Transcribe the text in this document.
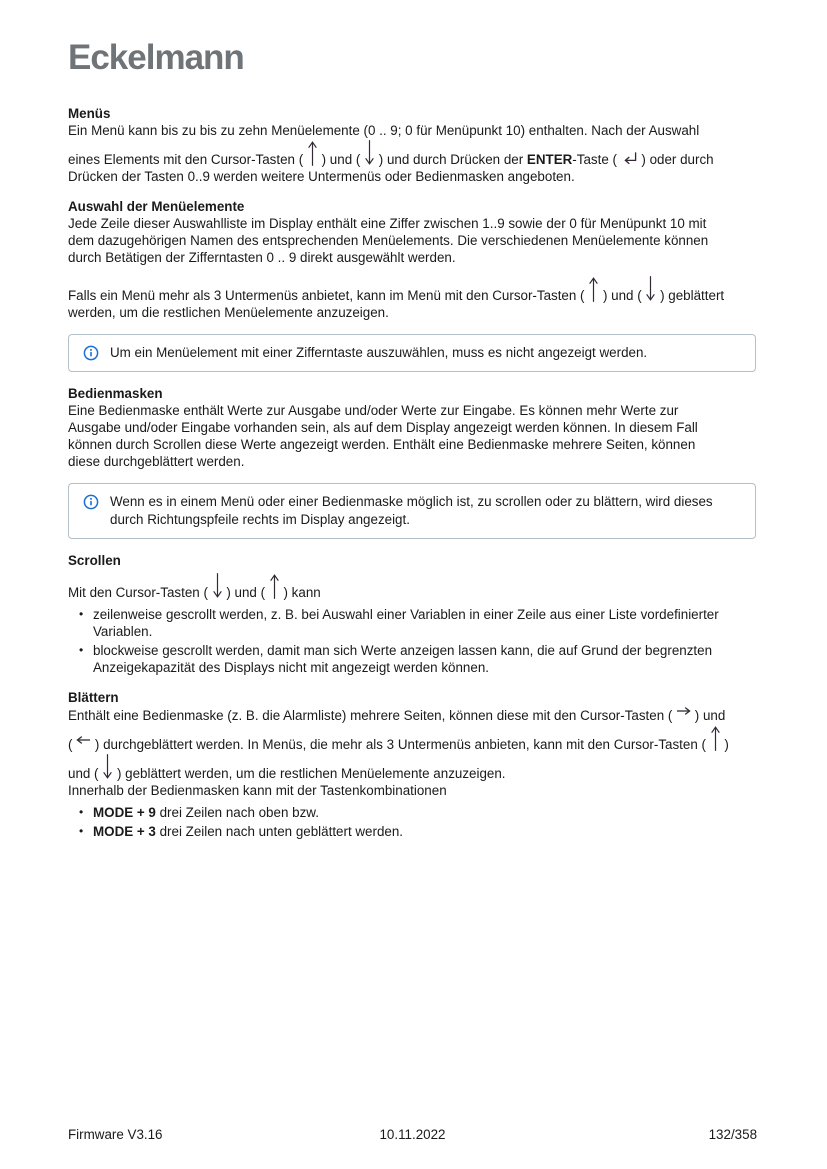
Eckelmann
Menüs
Ein Menü kann bis zu bis zu zehn Menüelemente (0 .. 9; 0 für Menüpunkt 10) enthalten. Nach der Auswahl
eines Elements mit den Cursor-Tasten (  ) und (  ) und durch Drücken der ENTER-Taste (  ) oder durch
Drücken der Tasten 0..9 werden weitere Untermenüs oder Bedienmasken angeboten.
Auswahl der Menüelemente
Jede Zeile dieser Auswahlliste im Display enthält eine Ziffer zwischen 1..9 sowie der 0 für Menüpunkt 10 mit
dem dazugehörigen Namen des entsprechenden Menüelements. Die verschiedenen Menüelemente können
durch Betätigen der Zifferntasten 0 .. 9 direkt ausgewählt werden.
Falls ein Menü mehr als 3 Untermenüs anbietet, kann im Menü mit den Cursor-Tasten (  ) und (  ) geblättert
werden, um die restlichen Menüelemente anzuzeigen.
Um ein Menüelement mit einer Zifferntaste auszuwählen, muss es nicht angezeigt werden.
Bedienmasken
Eine Bedienmaske enthält Werte zur Ausgabe und/oder Werte zur Eingabe. Es können mehr Werte zur
Ausgabe und/oder Eingabe vorhanden sein, als auf dem Display angezeigt werden können. In diesem Fall
können durch Scrollen diese Werte angezeigt werden. Enthält eine Bedienmaske mehrere Seiten, können
diese durchgeblättert werden.
Wenn es in einem Menü oder einer Bedienmaske möglich ist, zu scrollen oder zu blättern, wird dieses durch Richtungspfeile rechts im Display angezeigt.
Scrollen
Mit den Cursor-Tasten (  ) und (  ) kann
• zeilenweise gescrollt werden, z. B. bei Auswahl einer Variablen in einer Zeile aus einer Liste vordefinierter Variablen.
• blockweise gescrollt werden, damit man sich Werte anzeigen lassen kann, die auf Grund der begrenzten Anzeigekapazität des Displays nicht mit angezeigt werden können.
Blättern
Enthält eine Bedienmaske (z. B. die Alarmliste) mehrere Seiten, können diese mit den Cursor-Tasten (  ) und
(  ) durchgeblättert werden. In Menüs, die mehr als 3 Untermenüs anbieten, kann mit den Cursor-Tasten (  )
und (  ) geblättert werden, um die restlichen Menüelemente anzuzeigen.
Innerhalb der Bedienmasken kann mit der Tastenkombinationen
• MODE + 9 drei Zeilen nach oben bzw.
• MODE + 3 drei Zeilen nach unten geblättert werden.
Firmware V3.16	10.11.2022	132/358
